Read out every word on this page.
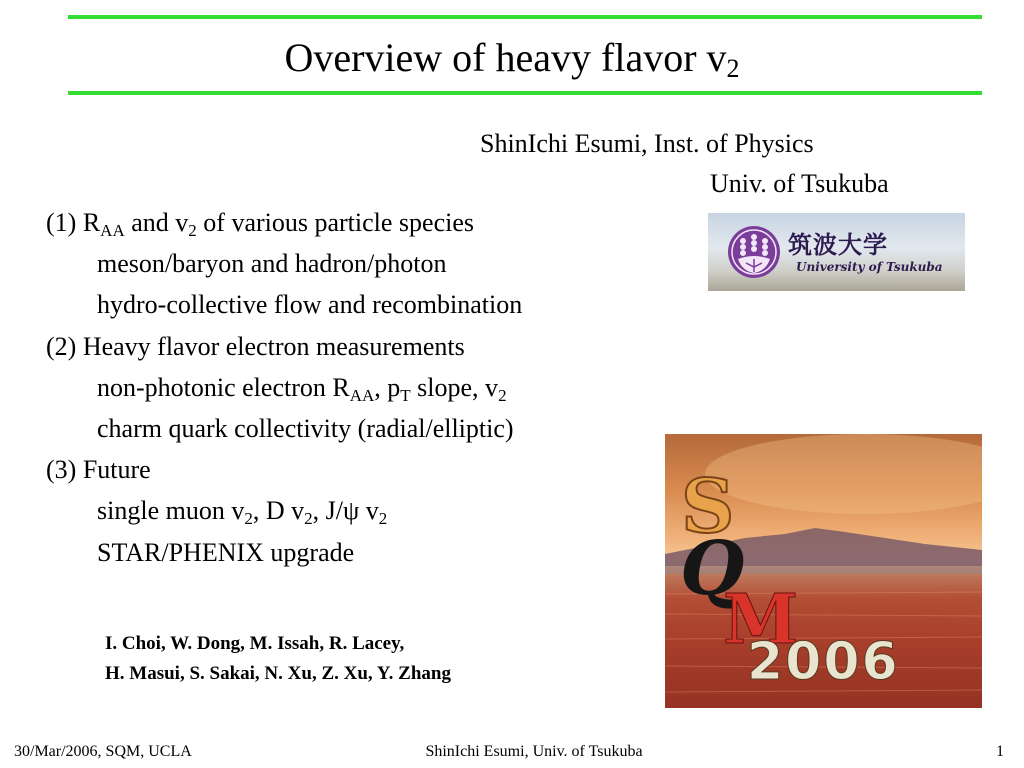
Overview of heavy flavor $v_2$
ShinIchi Esumi, Inst. of Physics
Univ. of Tsukuba
筑波大学
University of Tsukuba
(1) $R_{AA}$ and $v_2$ of various particle species
meson/baryon and hadron/photon
hydro-collective flow and recombination
(2) Heavy flavor electron measurements
non-photonic electron $R_{AA}$, $p_T$ slope, $v_2$
charm quark collectivity (radial/elliptic)
(3) Future
single muon $v_2$, D $v_2$, J/ψ $v_2$
STAR/PHENIX upgrade
S
Q
M
2006
I. Choi, W. Dong, M. Issah, R. Lacey,
H. Masui, S. Sakai, N. Xu, Z. Xu, Y. Zhang
30/Mar/2006, SQM, UCLA	ShinIchi Esumi, Univ. of Tsukuba	1
